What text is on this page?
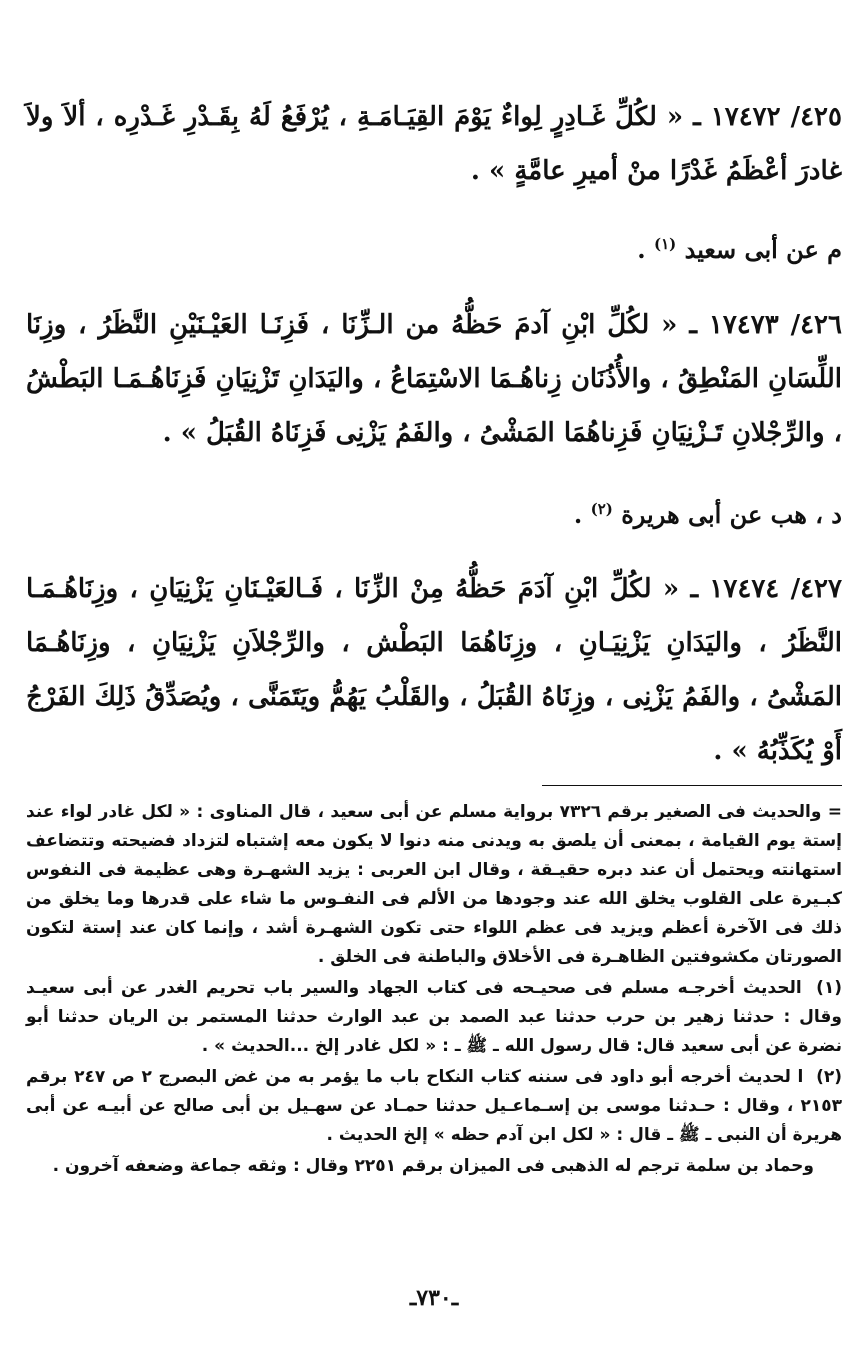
٤٢٥/ ١٧٤٧٢ ـ « لكُلِّ غَـادِرٍ لِواءٌ يَوْمَ القِيَـامَـةِ ، يُرْفَعُ لَهُ بِقَـدْرِ غَـدْرِه ، ألاَ ولاَ غادرَ أعْظَمُ غَدْرًا منْ أميرِ عامَّةٍ » .

م عن أبى سعيد $^{(١)}$ .

٤٢٦/ ١٧٤٧٣ ـ « لكُلِّ ابْنِ آدمَ حَظُّهُ من الـزِّنَا ، فَزِنَـا العَيْـنَيْنِ النَّظَرُ ، وزِنَا اللِّسَانِ المَنْطِقُ ، والأُذُنَان زِناهُـمَا الاسْتِمَاعُ ، واليَدَانِ تَزْنِيَانِ فَزِنَاهُـمَـا البَطْشُ ، والرِّجْلانِ تَـزْنِيَانِ فَزِناهُمَا المَشْىُ ، والفَمُ يَزْنِى فَزِنَاهُ القُبَلُ » .

د ، هب عن أبى هريرة $^{(٢)}$ .

٤٢٧/ ١٧٤٧٤ ـ « لكُلِّ ابْنِ آدَمَ حَظُّهُ مِنْ الزِّنَا ، فَـالعَيْـنَانِ يَزْنِيَانِ ، وزِنَاهُـمَـا النَّظَرُ ، واليَدَانِ يَزْنِيَـانِ ، وزِنَاهُمَا البَطْش ، والرِّجْلاَنِ يَزْنِيَانِ ، وزِنَاهُـمَا المَشْىُ ، والفَمُ يَزْنِى ، وزِنَاهُ القُبَلُ ، والقَلْبُ يَهُمُّ ويَتَمَنَّى ، ويُصَدِّقُ ذَلِكَ الفَرْجُ أَوْ يُكَذِّبُهُ » .

= والحديث فى الصغير برقم ٧٣٢٦ برواية مسلم عن أبى سعيد ، قال المناوى : « لكل غادر لواء عند إستة يوم القيامة ، بمعنى أن يلصق به ويدنى منه دنوا لا يكون معه إشتباه لتزداد فضيحته وتتضاعف استهانته ويحتمل أن عند دبره حقيـقة ، وقال ابن العربى : يزيد الشهـرة وهى عظيمة فى النفوس كبـيرة على القلوب يخلق الله عند وجودها من الألم فى النفـوس ما شاء على قدرها وما يخلق من ذلك فى الآخرة أعظم ويزيد فى عظم اللواء حتى تكون الشهـرة أشد ، وإنما كان عند إستة لتكون الصورتان مكشوفتين الظاهـرة فى الأخلاق والباطنة فى الخلق .

(١) الحديث أخرجـه مسلم فى صحيـحه فى كتاب الجهاد والسير باب تحريم الغدر عن أبى سعيـد وقال : حدثنا زهير بن حرب حدثنا عبد الصمد بن عبد الوارث حدثنا المستمر بن الريان حدثنا أبو نضرة عن أبى سعيد قال: قال رسول الله ـ ﷺ ـ : « لكل غادر إلخ ...الحديث » .

(٢) ا لحديث أخرجه أبو داود فى سننه كتاب النكاح باب ما يؤمر به من غض البصرج ٢ ص ٢٤٧ برقم ٢١٥٣ ، وقال : حـدثنا موسى بن إسـماعـيل حدثنا حمـاد عن سهـيل بن أبى صالح عن أبيـه عن أبى هريرة أن النبى ـ ﷺ ـ قال : « لكل ابن آدم حظه » إلخ الحديث .

وحماد بن سلمة ترجم له الذهبى فى الميزان برقم ٢٢٥١ وقال : وثقه جماعة وضعفه آخرون .

ـ٧٣٠ـ
